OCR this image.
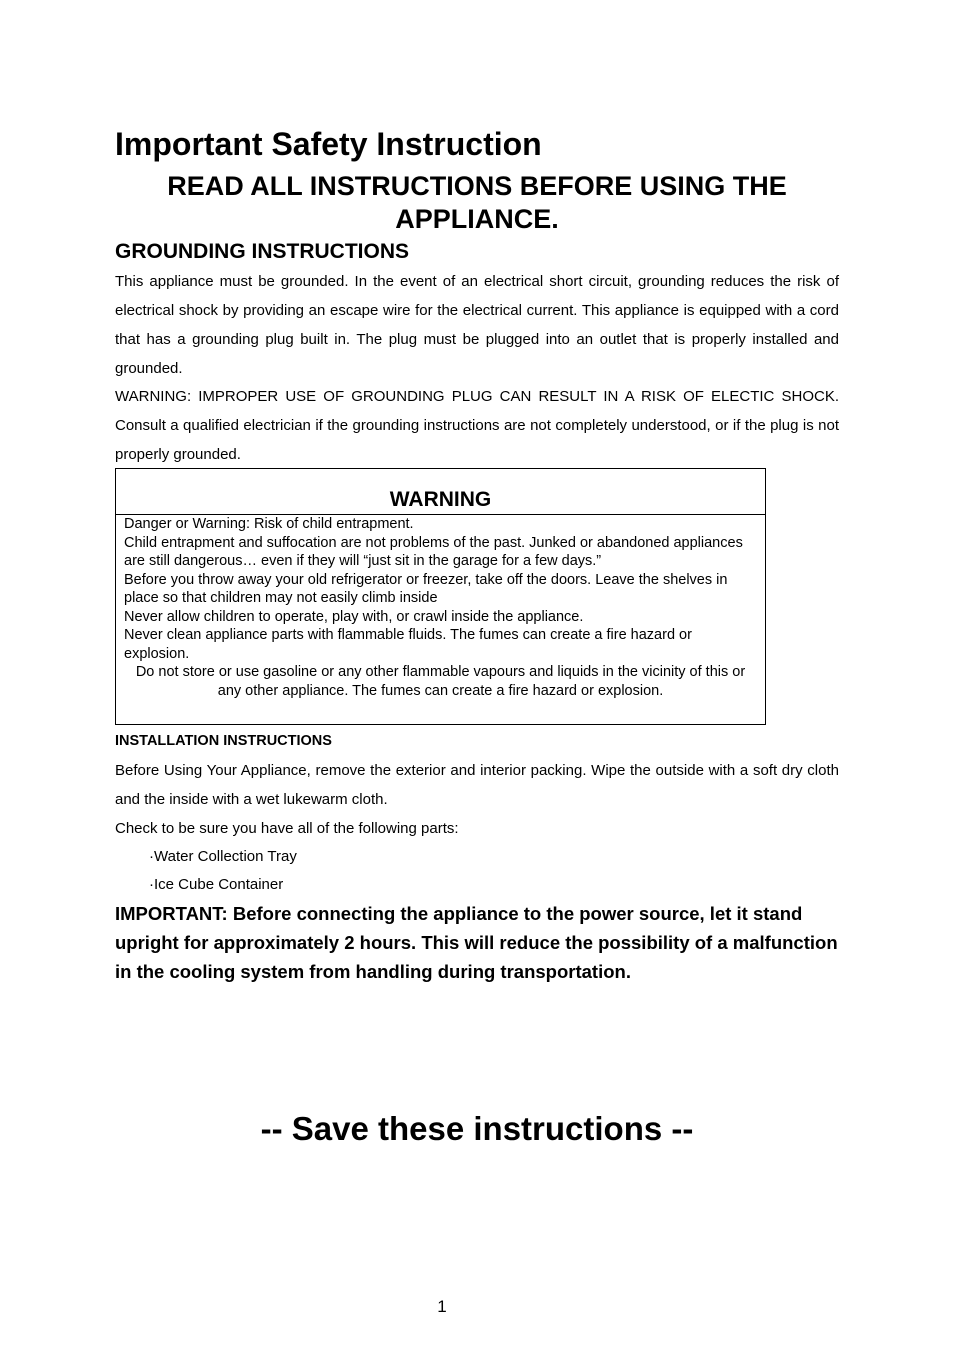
Important Safety Instruction
READ ALL INSTRUCTIONS BEFORE USING THE APPLIANCE.
GROUNDING INSTRUCTIONS

This appliance must be grounded. In the event of an electrical short circuit, grounding reduces the risk of electrical shock by providing an escape wire for the electrical current. This appliance is equipped with a cord that has a grounding plug built in. The plug must be plugged into an outlet that is properly installed and grounded.

WARNING: IMPROPER USE OF GROUNDING PLUG CAN RESULT IN A RISK OF ELECTIC SHOCK. Consult a qualified electrician if the grounding instructions are not completely understood, or if the plug is not properly grounded.

WARNING
Danger or Warning: Risk of child entrapment.
Child entrapment and suffocation are not problems of the past. Junked or abandoned appliances are still dangerous… even if they will “just sit in the garage for a few days.”
Before you throw away your old refrigerator or freezer, take off the doors. Leave the shelves in place so that children may not easily climb inside
Never allow children to operate, play with, or crawl inside the appliance.
Never clean appliance parts with flammable fluids. The fumes can create a fire hazard or explosion.
Do not store or use gasoline or any other flammable vapours and liquids in the vicinity of this or any other appliance. The fumes can create a fire hazard or explosion.
INSTALLATION INSTRUCTIONS

Before Using Your Appliance, remove the exterior and interior packing. Wipe the outside with a soft dry cloth and the inside with a wet lukewarm cloth.

Check to be sure you have all of the following parts:

·Water Collection Tray
·Ice Cube Container

IMPORTANT: Before connecting the appliance to the power source, let it stand upright for approximately 2 hours. This will reduce the possibility of a malfunction in the cooling system from handling during transportation.

-- Save these instructions --
1
